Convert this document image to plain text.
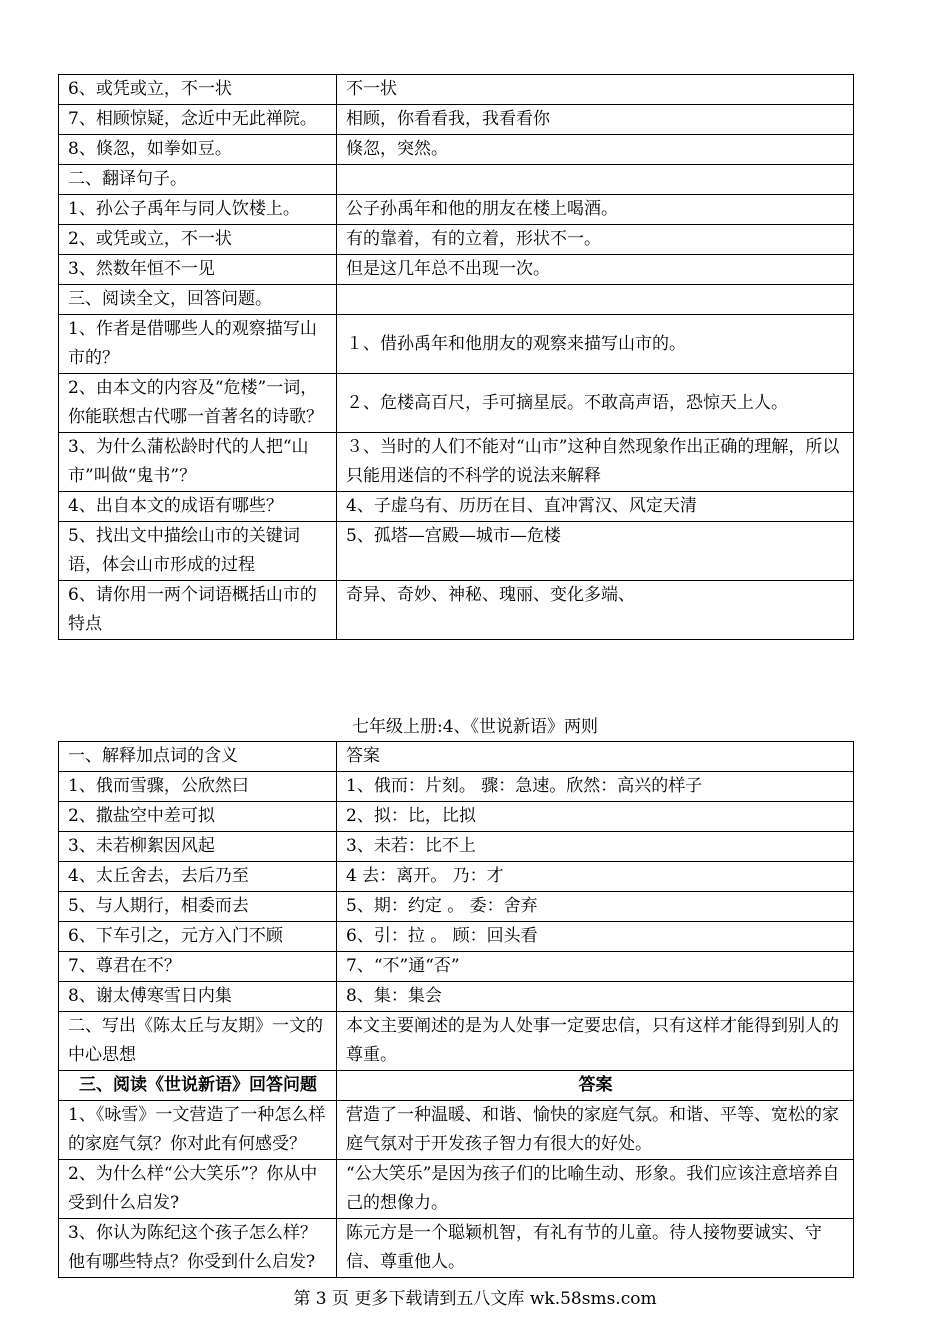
6、或凭或立，不一状	不一状
7、相顾惊疑，念近中无此禅院。	相顾，你看看我，我看看你
8、倏忽，如拳如豆。	倏忽，突然。
二、翻译句子。	
1、孙公子禹年与同人饮楼上。	公子孙禹年和他的朋友在楼上喝酒。
2、或凭或立，不一状	有的靠着，有的立着，形状不一。
3、然数年恒不一见	但是这几年总不出现一次。
三、阅读全文，回答问题。	
1、作者是借哪些人的观察描写山市的？	１、借孙禹年和他朋友的观察来描写山市的。
2、由本文的内容及“危楼”一词，你能联想古代哪一首著名的诗歌？	２、危楼高百尺，手可摘星辰。不敢高声语，恐惊天上人。
3、为什么蒲松龄时代的人把“山市”叫做“鬼书”？	３、当时的人们不能对“山市”这种自然现象作出正确的理解，所以只能用迷信的不科学的说法来解释
4、出自本文的成语有哪些？	4、子虚乌有、历历在目、直冲霄汉、风定天清
5、找出文中描绘山市的关键词语，体会山市形成的过程	5、孤塔—宫殿—城市—危楼
6、请你用一两个词语概括山市的特点	奇异、奇妙、神秘、瑰丽、变化多端、
七年级上册:4、《世说新语》两则
一、解释加点词的含义	答案
1、俄而雪骤，公欣然曰	1、俄而：片刻。 骤：急速。欣然：高兴的样子
2、撒盐空中差可拟	2、拟：比，比拟
3、未若柳絮因风起	3、未若：比不上
4、太丘舍去，去后乃至	4 去：离开。 乃：才
5、与人期行，相委而去	5、期：约定 。 委：舍弃
6、下车引之，元方入门不顾	6、引：拉 。 顾：回头看
7、尊君在不？	7、“不”通“否”
8、谢太傅寒雪日内集	8、集：集会
二、写出《陈太丘与友期》一文的中心思想	本文主要阐述的是为人处事一定要忠信，只有这样才能得到别人的尊重。
三、阅读《世说新语》回答问题	答案
1、《咏雪》一文营造了一种怎么样的家庭气氛？你对此有何感受？	营造了一种温暖、和谐、愉快的家庭气氛。和谐、平等、宽松的家庭气氛对于开发孩子智力有很大的好处。
2、为什么样“公大笑乐”？你从中受到什么启发?	“公大笑乐”是因为孩子们的比喻生动、形象。我们应该注意培养自己的想像力。
3、你认为陈纪这个孩子怎么样？他有哪些特点？你受到什么启发?	陈元方是一个聪颖机智，有礼有节的儿童。待人接物要诚实、守信、尊重他人。
第 3 页 更多下载请到五八文库 wk.58sms.com
